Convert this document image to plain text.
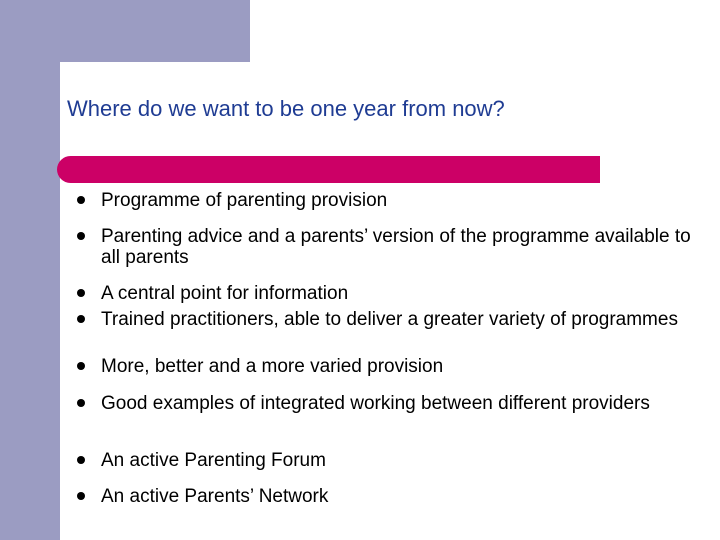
Where do we want to be one year from now?
Programme of parenting provision
Parenting advice and a parents’ version of the programme available to all parents
A central point for information
Trained practitioners, able to deliver a greater variety of programmes
More, better and a more varied provision
Good examples of integrated working between different providers
An active Parenting Forum
An active Parents’ Network
